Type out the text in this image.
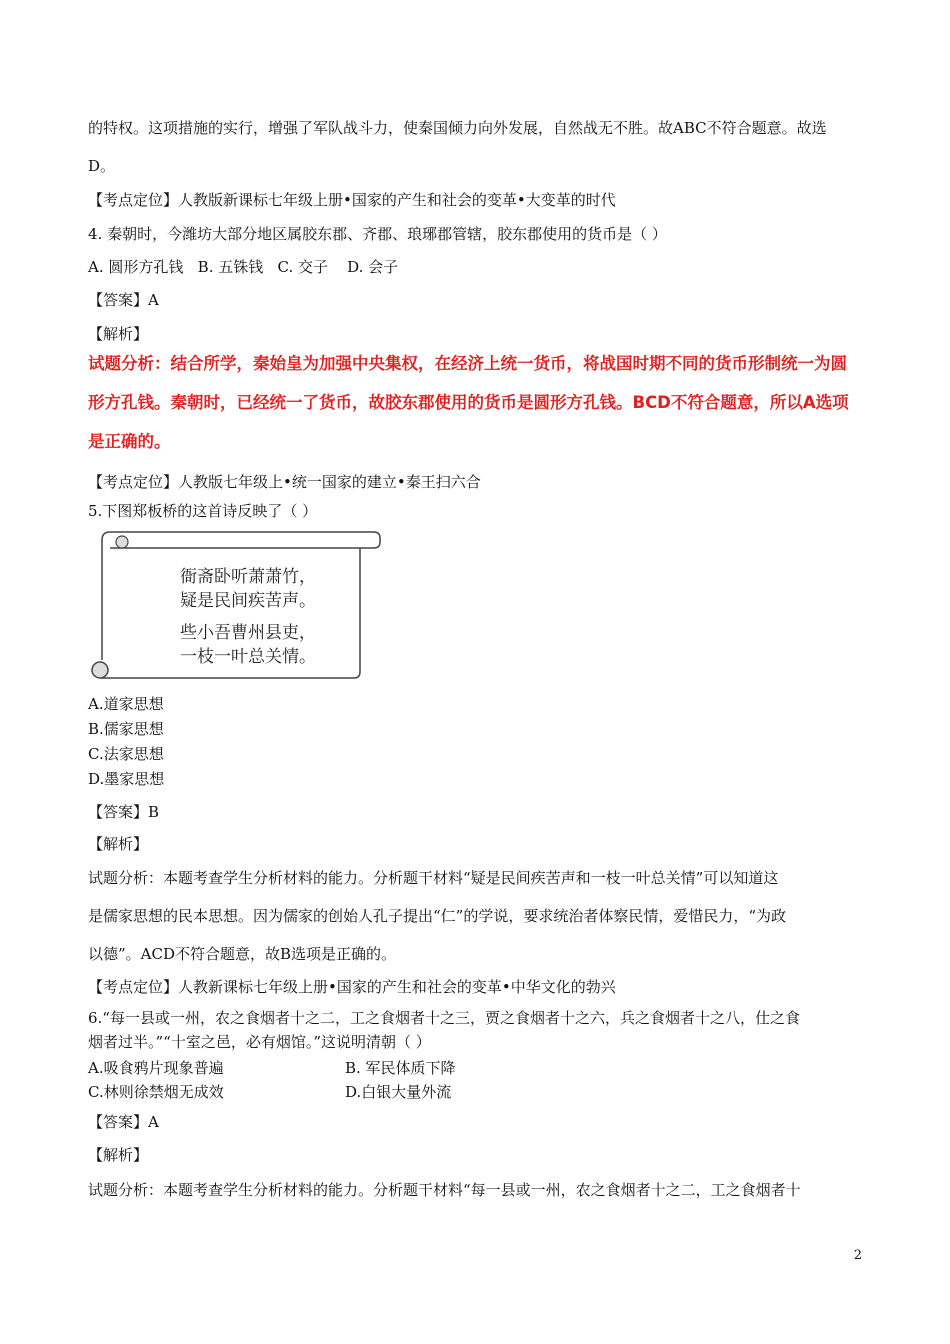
的特权。这项措施的实行，增强了军队战斗力，使秦国倾力向外发展，自然战无不胜。故ABC不符合题意。故选
D。
【考点定位】人教版新课标七年级上册•国家的产生和社会的变革•大变革的时代
4. 秦朝时，今潍坊大部分地区属胶东郡、齐郡、琅琊郡管辖，胶东郡使用的货币是（ ）
A. 圆形方孔钱   B. 五铢钱   C. 交子    D. 会子
【答案】A
【解析】
试题分析：结合所学，秦始皇为加强中央集权，在经济上统一货币，将战国时期不同的货币形制统一为圆
形方孔钱。秦朝时，已经统一了货币，故胶东郡使用的货币是圆形方孔钱。BCD不符合题意，所以A选项
是正确的。
【考点定位】人教版七年级上•统一国家的建立•秦王扫六合
5.下图郑板桥的这首诗反映了（ ）
衙斋卧听萧萧竹，
疑是民间疾苦声。
些小吾曹州县吏，
一枝一叶总关情。
A.道家思想
B.儒家思想
C.法家思想
D.墨家思想
【答案】B
【解析】
试题分析：本题考查学生分析材料的能力。分析题干材料“疑是民间疾苦声和一枝一叶总关情”可以知道这
是儒家思想的民本思想。因为儒家的创始人孔子提出“仁”的学说，要求统治者体察民情，爱惜民力，“为政
以德”。ACD不符合题意，故B选项是正确的。
【考点定位】人教新课标七年级上册•国家的产生和社会的变革•中华文化的勃兴
6.“每一县或一州，农之食烟者十之二，工之食烟者十之三，贾之食烟者十之六，兵之食烟者十之八，仕之食
烟者过半。”“十室之邑，必有烟馆。”这说明清朝（ ）
A.吸食鸦片现象普遍	B. 军民体质下降
C.林则徐禁烟无成效	D.白银大量外流
【答案】A
【解析】
试题分析：本题考查学生分析材料的能力。分析题干材料“每一县或一州，农之食烟者十之二，工之食烟者十
2
